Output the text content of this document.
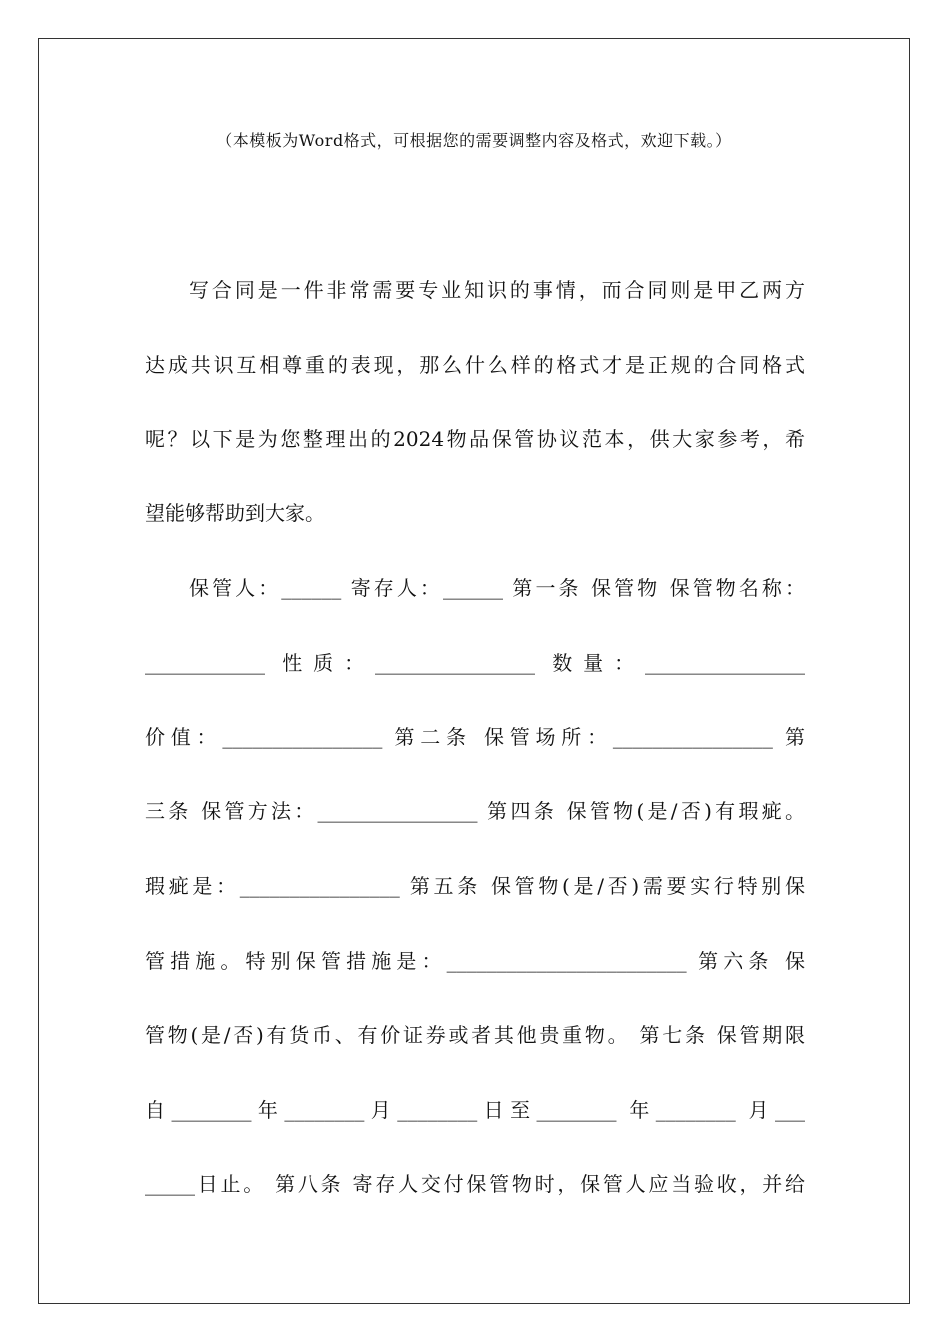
（本模板为Word格式，可根据您的需要调整内容及格式，欢迎下载。）
写合同是一件非常需要专业知识的事情，而合同则是甲乙两方
达成共识互相尊重的表现，那么什么样的格式才是正规的合同格式
呢？以下是为您整理出的2024物品保管协议范本，供大家参考，希
望能够帮助到大家。
保管人：______ 寄存人：______ 第一条 保管物 保管物名称：
____________ 性质：________________ 数量：________________
价值：________________ 第二条 保管场所：________________ 第
三条 保管方法：________________ 第四条 保管物(是/否)有瑕疵。
瑕疵是：________________ 第五条 保管物(是/否)需要实行特别保
管措施。特别保管措施是：________________________ 第六条 保
管物(是/否)有货币、有价证券或者其他贵重物。 第七条 保管期限
自________年________月________日至________ 年________ 月___
_____日止。 第八条 寄存人交付保管物时，保管人应当验收，并给
